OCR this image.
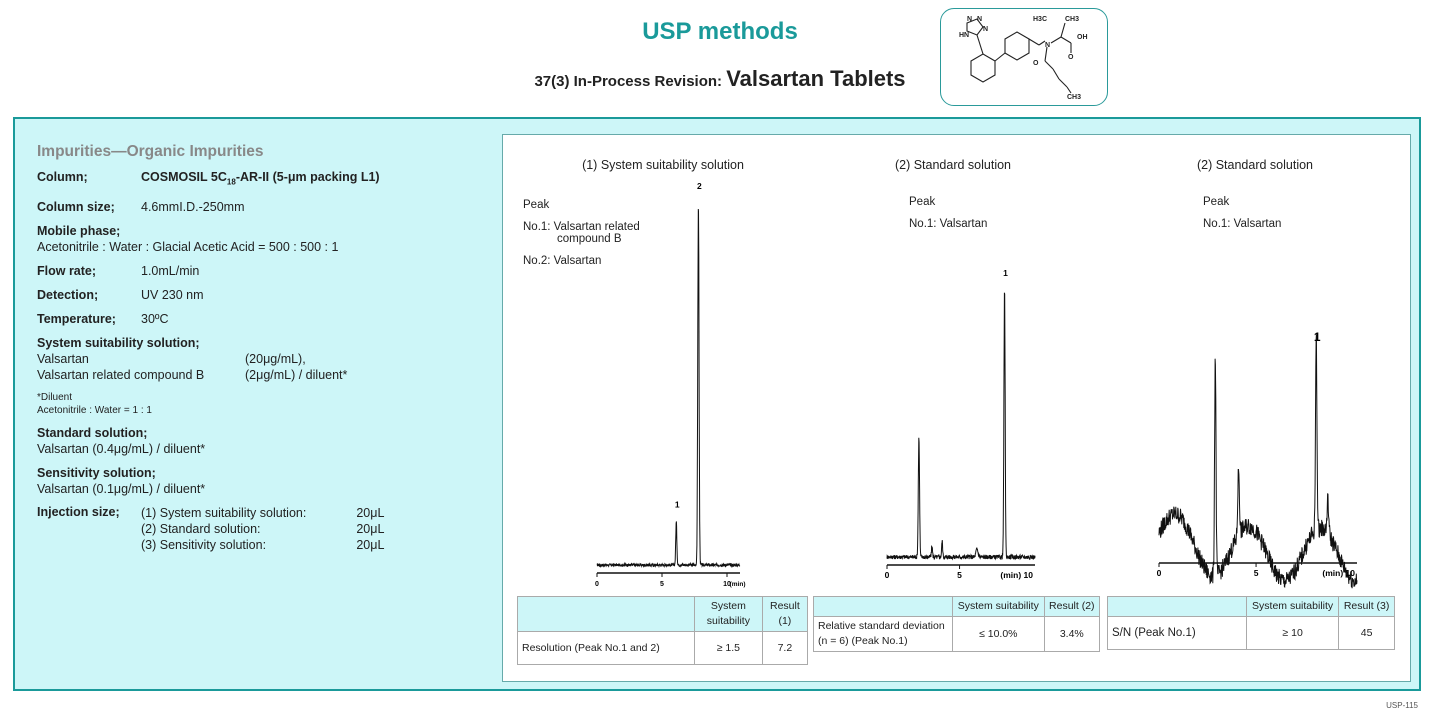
USP methods
37(3) In-Process Revision: Valsartan Tablets
H3C	CH3
N
HN
N N
N
OH
O
O
CH3
Impurities—Organic Impurities
Column;	COSMOSIL $5C_{18}-AR-II$ (5-μm packing L1)
Column size;	4.6mmI.D.-250mm
Mobile phase;
Acetonitrile : Water : Glacial Acetic Acid = 500 : 500 : 1
Flow rate;	1.0mL/min
Detection;	UV 230 nm
Temperature;	30ºC
System suitability solution;
Valsartan	(20μg/mL),
Valsartan related compound B	(2μg/mL) / diluent*
*Diluent
Acetonitrile : Water = 1 : 1
Standard solution;
Valsartan (0.4μg/mL) / diluent*
Sensitivity solution;
Valsartan (0.1μg/mL) / diluent*
Injection size;	(1) System suitability solution:	20μL
(2) Standard solution:	20μL
(3) Sensitivity solution:	20μL
(1) System suitability solution
Peak
No.1: Valsartan related
compound B
No.2: Valsartan
0	5	10
(min)
1
2
(2) Standard solution
Peak
No.1: Valsartan
0	5	(min) 10
1
(2) Standard solution
Peak
No.1: Valsartan
0	5	(min) 10
1
	System suitability	Result (1)
Resolution (Peak No.1 and 2)	≥ 1.5	7.2
	System suitability	Result (2)
Relative standard deviation (n = 6) (Peak No.1)	≤ 10.0%	3.4%
	System suitability	Result (3)
S/N (Peak No.1)	≥ 10	45
USP-115
